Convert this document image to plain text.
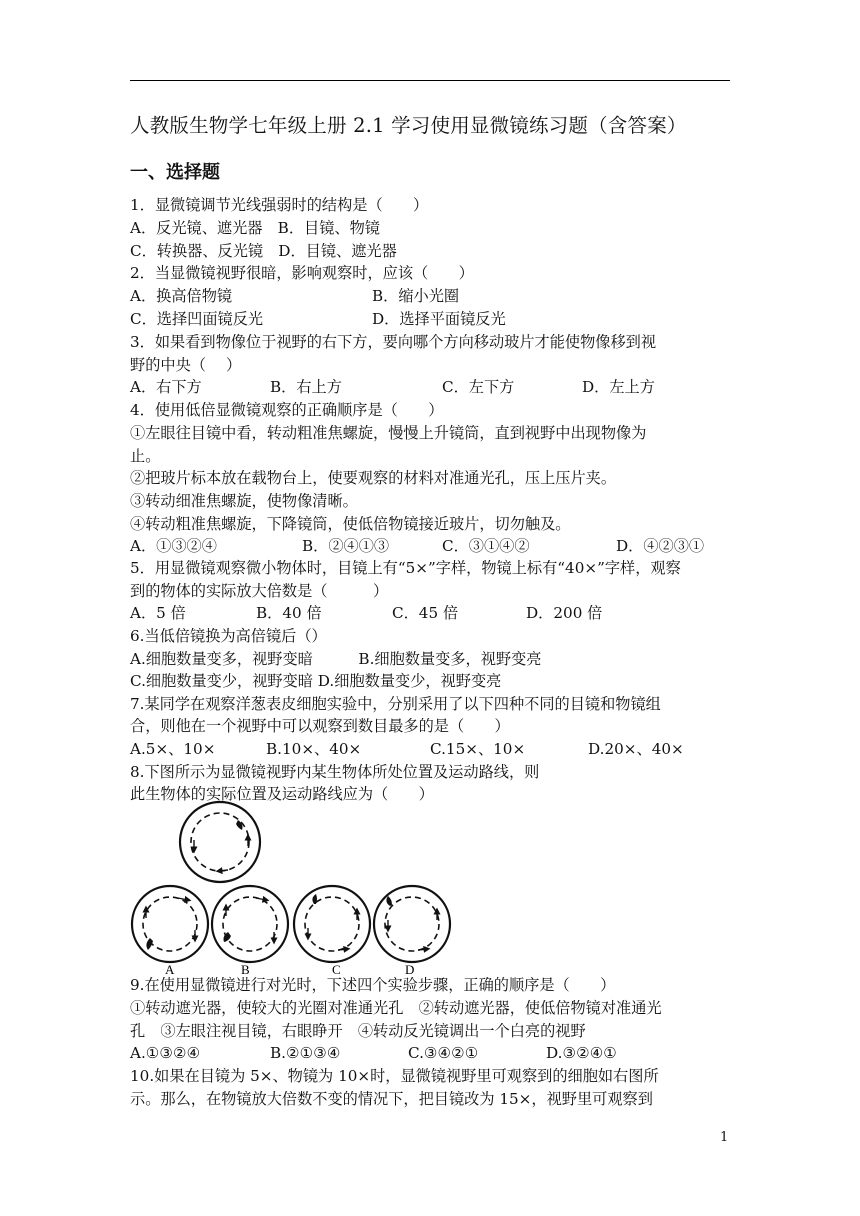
人教版生物学七年级上册 2.1 学习使用显微镜练习题（含答案）
一、选择题
1．显微镜调节光线强弱时的结构是（　　）
A．反光镜、遮光器　B．目镜、物镜
C．转换器、反光镜　D．目镜、遮光器
2．当显微镜视野很暗，影响观察时，应该（　　）
A．换高倍物镜	B．缩小光圈
C．选择凹面镜反光	D．选择平面镜反光
3．如果看到物像位于视野的右下方，要向哪个方向移动玻片才能使物像移到视
野的中央（　 ）
A．右下方	B．右上方	C．左下方	D．左上方
4．使用低倍显微镜观察的正确顺序是（　　）
①左眼往目镜中看，转动粗准焦螺旋，慢慢上升镜筒，直到视野中出现物像为
止。
②把玻片标本放在载物台上，使要观察的材料对准通光孔，压上压片夹。
③转动细准焦螺旋，使物像清晰。
④转动粗准焦螺旋，下降镜筒，使低倍物镜接近玻片，切勿触及。
A．①③②④	B．②④①③	C．③①④②	D．④②③①
5．用显微镜观察微小物体时，目镜上有“5×”字样，物镜上标有“40×”字样，观察
到的物体的实际放大倍数是（　　　）
A．5 倍	B．40 倍	C．45 倍	D．200 倍
6.当低倍镜换为高倍镜后（）
A.细胞数量变多，视野变暗　　　B.细胞数量变多，视野变亮
C.细胞数量变少，视野变暗 D.细胞数量变少，视野变亮
7.某同学在观察洋葱表皮细胞实验中，分别采用了以下四种不同的目镜和物镜组
合，则他在一个视野中可以观察到数目最多的是（　　）
A.5×、10×	B.10×、40×	C.15×、10×	D.20×、40×
8.下图所示为显微镜视野内某生物体所处位置及运动路线，则
此生物体的实际位置及运动路线应为（　　）
A	B	C	D
9.在使用显微镜进行对光时，下述四个实验步骤，正确的顺序是（　　）
①转动遮光器，使较大的光圈对准通光孔　②转动遮光器，使低倍物镜对准通光
孔　③左眼注视目镜，右眼睁开　④转动反光镜调出一个白亮的视野
A.①③②④	B.②①③④	C.③④②①	D.③②④①
10.如果在目镜为 5×、物镜为 10×时，显微镜视野里可观察到的细胞如右图所
示。那么，在物镜放大倍数不变的情况下，把目镜改为 15×，视野里可观察到
1
